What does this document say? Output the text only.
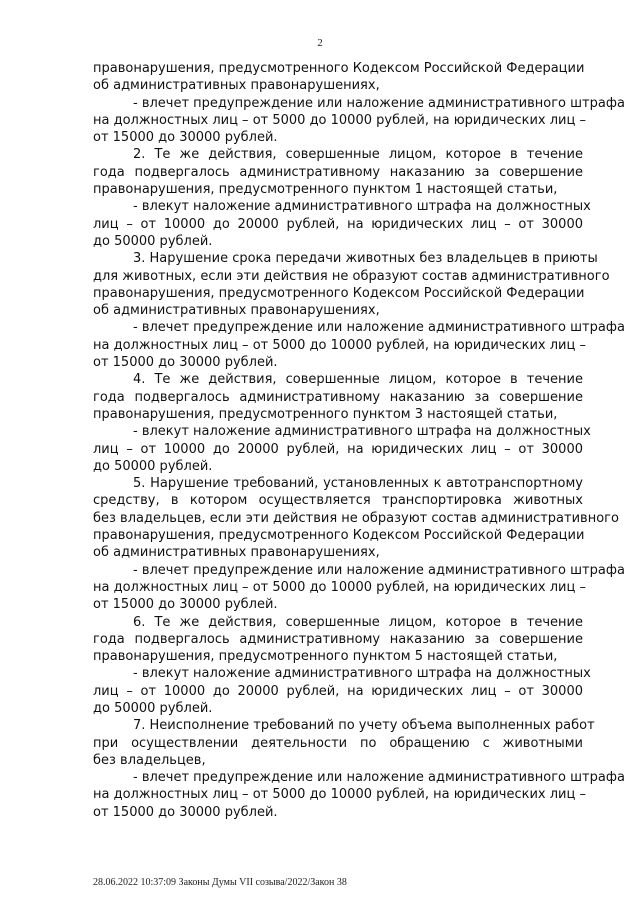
2
правонарушения, предусмотренного Кодексом Российской Федерации
об административных правонарушениях,
- влечет предупреждение или наложение административного штрафа
на должностных лиц – от 5000 до 10000 рублей, на юридических лиц –
от 15000 до 30000 рублей.
2. Те же действия, совершенные лицом, которое в течение
года подвергалось административному наказанию за совершение
правонарушения, предусмотренного пунктом 1 настоящей статьи,
- влекут наложение административного штрафа на должностных
лиц – от 10000 до 20000 рублей, на юридических лиц – от 30000
до 50000 рублей.
3. Нарушение срока передачи животных без владельцев в приюты
для животных, если эти действия не образуют состав административного
правонарушения, предусмотренного Кодексом Российской Федерации
об административных правонарушениях,
- влечет предупреждение или наложение административного штрафа
на должностных лиц – от 5000 до 10000 рублей, на юридических лиц –
от 15000 до 30000 рублей.
4. Те же действия, совершенные лицом, которое в течение
года подвергалось административному наказанию за совершение
правонарушения, предусмотренного пунктом 3 настоящей статьи,
- влекут наложение административного штрафа на должностных
лиц – от 10000 до 20000 рублей, на юридических лиц – от 30000
до 50000 рублей.
5. Нарушение требований, установленных к автотранспортному
средству, в котором осуществляется транспортировка животных
без владельцев, если эти действия не образуют состав административного
правонарушения, предусмотренного Кодексом Российской Федерации
об административных правонарушениях,
- влечет предупреждение или наложение административного штрафа
на должностных лиц – от 5000 до 10000 рублей, на юридических лиц –
от 15000 до 30000 рублей.
6. Те же действия, совершенные лицом, которое в течение
года подвергалось административному наказанию за совершение
правонарушения, предусмотренного пунктом 5 настоящей статьи,
- влекут наложение административного штрафа на должностных
лиц – от 10000 до 20000 рублей, на юридических лиц – от 30000
до 50000 рублей.
7. Неисполнение требований по учету объема выполненных работ
при осуществлении деятельности по обращению с животными
без владельцев,
- влечет предупреждение или наложение административного штрафа
на должностных лиц – от 5000 до 10000 рублей, на юридических лиц –
от 15000 до 30000 рублей.
28.06.2022 10:37:09 Законы Думы VII созыва/2022/Закон 38
